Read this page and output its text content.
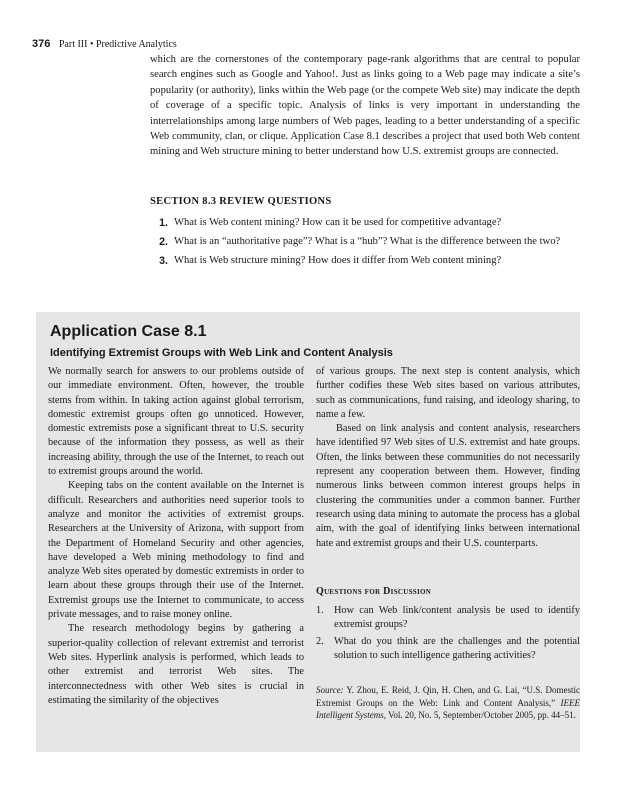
376 Part III • Predictive Analytics

which are the cornerstones of the contemporary page-rank algorithms that are central to popular search engines such as Google and Yahoo!. Just as links going to a Web page may indicate a site’s popularity (or authority), links within the Web page (or the compete Web site) may indicate the depth of coverage of a specific topic. Analysis of links is very important in understanding the interrelationships among large numbers of Web pages, leading to a better understanding of a specific Web community, clan, or clique. Application Case 8.1 describes a project that used both Web content mining and Web structure mining to better understand how U.S. extremist groups are connected.

SECTION 8.3 REVIEW QUESTIONS
1. What is Web content mining? How can it be used for competitive advantage?
2. What is an “authoritative page”? What is a “hub”? What is the difference between the two?
3. What is Web structure mining? How does it differ from Web content mining?
Application Case 8.1
Identifying Extremist Groups with Web Link and Content Analysis

We normally search for answers to our problems outside of our immediate environment. Often, however, the trouble stems from within. In taking action against global terrorism, domestic extremist groups often go unnoticed. However, domestic extremists pose a significant threat to U.S. security because of the information they possess, as well as their increasing ability, through the use of the Internet, to reach out to extremist groups around the world.

Keeping tabs on the content available on the Internet is difficult. Researchers and authorities need superior tools to analyze and monitor the activities of extremist groups. Researchers at the University of Arizona, with support from the Department of Homeland Security and other agencies, have developed a Web mining methodology to find and analyze Web sites operated by domestic extremists in order to learn about these groups through their use of the Internet. Extremist groups use the Internet to communicate, to access private messages, and to raise money online.

The research methodology begins by gathering a superior-quality collection of relevant extremist and terrorist Web sites. Hyperlink analysis is performed, which leads to other extremist and terrorist Web sites. The interconnectedness with other Web sites is crucial in estimating the similarity of the objectives

of various groups. The next step is content analysis, which further codifies these Web sites based on various attributes, such as communications, fund raising, and ideology sharing, to name a few.

Based on link analysis and content analysis, researchers have identified 97 Web sites of U.S. extremist and hate groups. Often, the links between these communities do not necessarily represent any cooperation between them. However, finding numerous links between common interest groups helps in clustering the communities under a common banner. Further research using data mining to automate the process has a global aim, with the goal of identifying links between international hate and extremist groups and their U.S. counterparts.

Questions for Discussion
1. How can Web link/content analysis be used to identify extremist groups?
2. What do you think are the challenges and the potential solution to such intelligence gathering activities?
Source: Y. Zhou, E. Reid, J. Qin, H. Chen, and G. Lai, “U.S. Domestic Extremist Groups on the Web: Link and Content Analysis,” IEEE Intelligent Systems, Vol. 20, No. 5, September/October 2005, pp. 44–51.
